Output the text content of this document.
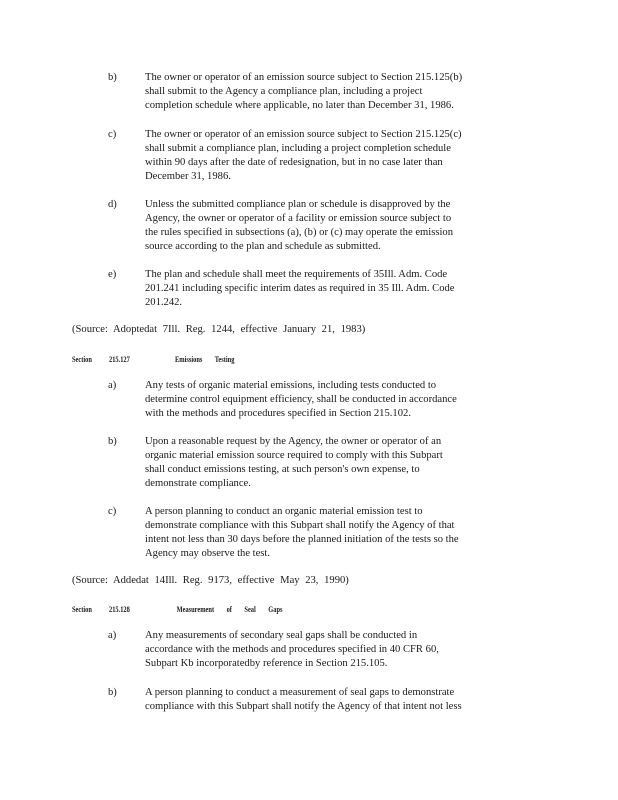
b)	The owner or operator of an emission source subject to Section 215.125(b)
shall submit to the Agency a compliance plan, including a project
completion schedule where applicable, no later than December 31, 1986.
c)	The owner or operator of an emission source subject to Section 215.125(c)
shall submit a compliance plan, including a project completion schedule
within 90 days after the date of redesignation, but in no case later than
December 31, 1986.
d)	Unless the submitted compliance plan or schedule is disapproved by the
Agency, the owner or operator of a facility or emission source subject to
the rules specified in subsections (a), (b) or (c) may operate the emission
source according to the plan and schedule as submitted.
e)	The plan and schedule shall meet the requirements of 35Ill. Adm. Code
201.241 including specific interim dates as required in 35 Ill. Adm. Code
201.242.
(Source: Adoptedat 7Ill. Reg. 1244, effective January 21, 1983)
Section 215.127	Emissions Testing
a)	Any tests of organic material emissions, including tests conducted to
determine control equipment efficiency, shall be conducted in accordance
with the methods and procedures specified in Section 215.102.
b)	Upon a reasonable request by the Agency, the owner or operator of an
organic material emission source required to comply with this Subpart
shall conduct emissions testing, at such person's own expense, to
demonstrate compliance.
c)	A person planning to conduct an organic material emission test to
demonstrate compliance with this Subpart shall notify the Agency of that
intent not less than 30 days before the planned initiation of the tests so the
Agency may observe the test.
(Source: Addedat 14Ill. Reg. 9173, effective May 23, 1990)
Section 215.128	Measurement of Seal Gaps
a)	Any measurements of secondary seal gaps shall be conducted in
accordance with the methods and procedures specified in 40 CFR 60,
Subpart Kb incorporatedby reference in Section 215.105.
b)	A person planning to conduct a measurement of seal gaps to demonstrate
compliance with this Subpart shall notify the Agency of that intent not less
